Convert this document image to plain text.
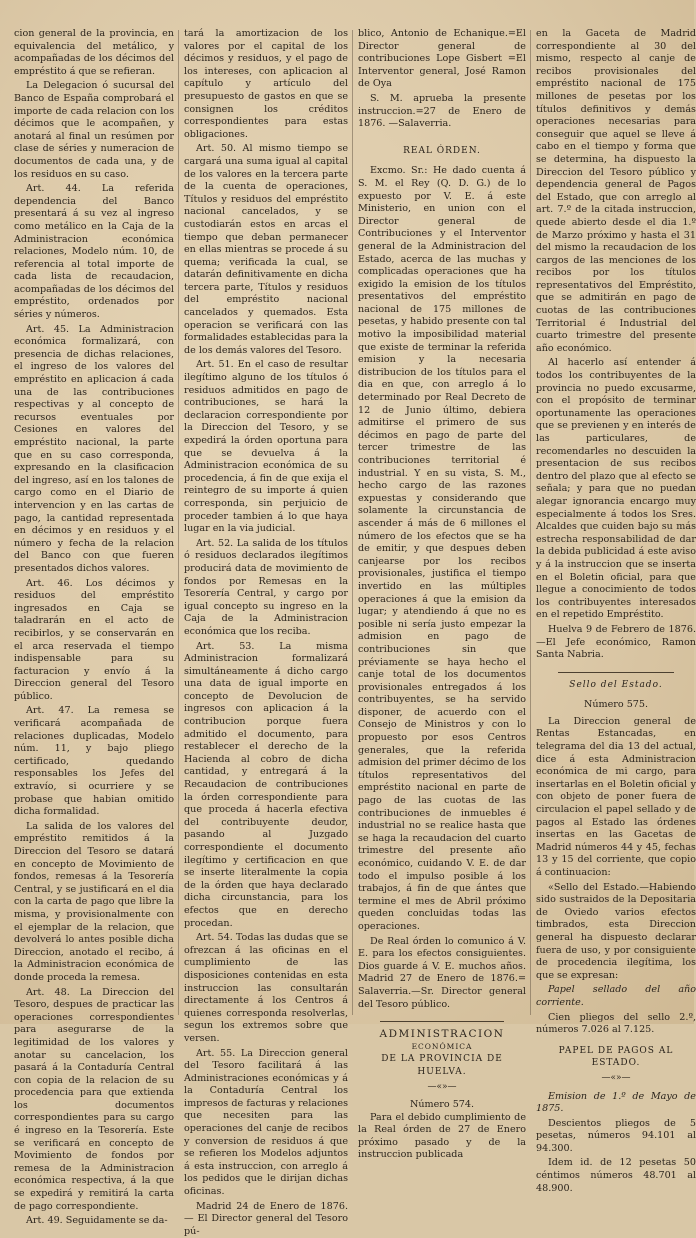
cion general de la provincia, en equivalencia del metálico, y acompañadas de los décimos del empréstito á que se refieran.

La Delegacion ó sucursal del Banco de España comprobará el importe de cada relacion con los décimos que le acompañen, y anotará al final un resúmen por clase de séries y numeracion de documentos de cada una, y de los residuos en su caso.

Art. 44. La referida dependencia del Banco presentará á su vez al ingreso como metálico en la Caja de la Administracion económica relaciones, Modelo núm. 10, de referencia al total importe de cada lista de recaudacion, acompañadas de los décimos del empréstito, ordenados por séries y números.

Art. 45. La Administracion económica formalizará, con presencia de dichas relaciones, el ingreso de los valores del empréstito en aplicacion á cada una de las contribuciones respectivas y al concepto de recursos eventuales por Cesiones en valores del empréstito nacional, la parte que en su caso corresponda, expresando en la clasificacion del ingreso, así en los talones de cargo como en el Diario de intervencion y en las cartas de pago, la cantidad representada en décimos y en residuos y el número y fecha de la relacion del Banco con que fueren presentados dichos valores.

Art. 46. Los décimos y residuos del empréstito ingresados en Caja se taladrarán en el acto de recibirlos, y se conservarán en el arca reservada el tiempo indispensable para su facturacion y envío á la Direccion general del Tesoro público.

Art. 47. La remesa se verificará acompañada de relaciones duplicadas, Modelo núm. 11, y bajo pliego certificado, quedando responsables los Jefes del extravío, si ocurriere y se probase que habian omitido dicha formalidad.

La salida de los valores del empréstito remitidos á la Direccion del Tesoro se datará en concepto de Movimiento de fondos, remesas á la Tesorería Central, y se justificará en el dia con la carta de pago que libre la misma, y provisionalmente con el ejemplar de la relacion, que devolverá lo antes posible dicha Direccion, anotado el recibo, á la Administracion económica de donde proceda la remesa.

Art. 48. La Direccion del Tesoro, despues de practicar las operaciones correspondientes para asegurarse de la legitimidad de los valores y anotar su cancelacion, los pasará á la Contaduría Central con copia de la relacion de su procedencia para que extienda los documentos correspondientes para su cargo é ingreso en la Tesorería. Este se verificará en concepto de Movimiento de fondos por remesa de la Administracion económica respectiva, á la que se expedirá y remitirá la carta de pago correspondiente.

Art. 49. Seguidamente se da-

tará la amortizacion de los valores por el capital de los décimos y residuos, y el pago de los intereses, con aplicacion al capítulo y artículo del presupuesto de gastos en que se consignen los créditos correspondientes para estas obligaciones.

Art. 50. Al mismo tiempo se cargará una suma igual al capital de los valores en la tercera parte de la cuenta de operaciones, Títulos y residuos del empréstito nacional cancelados, y se custodiarán estos en arcas el tiempo que deban permanecer en ellas mientras se procede á su quema; verificada la cual, se datarán definitivamente en dicha tercera parte, Títulos y residuos del empréstito nacional cancelados y quemados. Esta operacion se verificará con las formalidades establecidas para la de los demás valores del Tesoro.

Art. 51. En el caso de resultar ilegítimo alguno de los títulos ó residuos admitidos en pago de contribuciones, se hará la declaracion correspondiente por la Direccion del Tesoro, y se expedirá la órden oportuna para que se devuelva á la Administracion económica de su procedencia, á fin de que exija el reintegro de su importe á quien corresponda, sin perjuicio de proceder tambien á lo que haya lugar en la via judicial.

Art. 52. La salida de los títulos ó residuos declarados ilegítimos producirá data de movimiento de fondos por Remesas en la Tesorería Central, y cargo por igual concepto su ingreso en la Caja de la Administracion económica que los reciba.

Art. 53. La misma Administracion formalizará simultáneamente á dicho cargo una data de igual importe en concepto de Devolucion de ingresos con aplicacion á la contribucion porque fuera admitido el documento, para restablecer el derecho de la Hacienda al cobro de dicha cantidad, y entregará á la Recaudacion de contribuciones la órden correspondiente para que proceda á hacerla efectiva del contribuyente deudor, pasando al Juzgado correspondiente el documento ilegítimo y certificacion en que se inserte literalmente la copia de la órden que haya declarado dicha circunstancia, para los efectos que en derecho procedan.

Art. 54. Todas las dudas que se ofrezcan á las oficinas en el cumplimiento de las disposiciones contenidas en esta instruccion las consultarán directamente á los Centros á quienes corresponda resolverlas, segun los extremos sobre que versen.

Art. 55. La Direccion general del Tesoro facilitará á las Administraciones económicas y á la Contaduría Central los impresos de facturas y relaciones que necesiten para las operaciones del canje de recibos y conversion de residuos á que se refieren los Modelos adjuntos á esta instruccion, con arreglo á los pedidos que le dirijan dichas oficinas.

Madrid 24 de Enero de 1876.— El Director general del Tesoro pú-

blico, Antonio de Echanique.=El Director general de contribuciones Lope Gisbert =El Interventor general, José Ramon de Oya

S. M. aprueba la presente instruccion.=27 de Enero de 1876. —Salaverria.

REAL ÓRDEN.

Excmo. Sr.: He dado cuenta á S. M. el Rey (Q. D. G.) de lo expuesto por V. E. á este Ministerio, en union con el Director general de Contribuciones y el Interventor general de la Administracion del Estado, acerca de las muchas y complicadas operaciones que ha exigido la emision de los títulos presentativos del empréstito nacional de 175 millones de pesetas, y habido presente con tal motivo la imposibilidad material que existe de terminar la referida emision y la necesaria distribucion de los títulos para el dia en que, con arreglo á lo determinado por Real Decreto de 12 de Junio último, debiera admitirse el primero de sus décimos en pago de parte del tercer trimestre de las contribuciones territorial é industrial. Y en su vista, S. M., hecho cargo de las razones expuestas y considerando que solamente la circunstancia de ascender á más de 6 millones el número de los efectos que se ha de emitir, y que despues deben canjearse por los recibos provisionales, justifica el tiempo invertido en las múltiples operaciones á que la emision da lugar; y atendiendo á que no es posible ni sería justo empezar la admision en pago de contribuciones sin que préviamente se haya hecho el canje total de los documentos provisionales entregados á los contribuyentes, se ha servido disponer, de acuerdo con el Consejo de Ministros y con lo propuesto por esos Centros generales, que la referida admision del primer décimo de los títulos representativos del empréstito nacional en parte de pago de las cuotas de las contribuciones de inmuebles é industrial no se realice hasta que se haga la recaudacion del cuarto trimestre del presente año económico, cuidando V. E. de dar todo el impulso posible á los trabajos, á fin de que ántes que termine el mes de Abril próximo queden concluidas todas las operaciones.

De Real órden lo comunico á V. E. para los efectos consiguientes. Dios guarde á V. E. muchos años. Madrid 27 de Enero de 1876.= Salaverria.—Sr. Director general del Tesoro público.

ADMINISTRACION
ECONÓMICA
DE LA PROVINCIA DE HUELVA.
—«»—
Número 574.

Para el debido cumplimiento de la Real órden de 27 de Enero próximo pasado y de la instruccion publicada

en la Gaceta de Madrid correspondiente al 30 del mismo, respecto al canje de recibos provisionales del empréstito nacional de 175 millones de pesetas por los títulos definitivos y demás operaciones necesarias para conseguir que aquel se lleve á cabo en el tiempo y forma que se determina, ha dispuesto la Direccion del Tesoro público y dependencia general de Pagos del Estado, que con arreglo al art. 7.º de la citada instruccion, quede abierto desde el dia 1.º de Marzo próximo y hasta el 31 del mismo la recaudacion de los cargos de las menciones de los recibos por los títulos representativos del Empréstito, que se admitirán en pago de cuotas de las contribuciones Territorial é Industrial del cuarto trimestre del presente año económico.

Al hacerlo así entender á todos los contribuyentes de la provincia no puedo excusarme, con el propósito de terminar oportunamente las operaciones que se previenen y en interés de las particulares, de recomendarles no descuiden la presentacion de sus recibos dentro del plazo que al efecto se señala; y para que no puedan alegar ignorancia encargo muy especialmente á todos los Sres. Alcaldes que cuiden bajo su más estrecha responsabilidad de dar la debida publicidad á este aviso y á la instruccion que se inserta en el Boletin oficial, para que llegue a conocimiento de todos los contribuyentes interesados en el repetido Empréstito.

Huelva 9 de Febrero de 1876. —El Jefe económico, Ramon Santa Nabria.

Sello del Estado.
Número 575.

La Direccion general de Rentas Estancadas, en telegrama del dia 13 del actual, dice á esta Administracion económica de mi cargo, para insertarlas en el Boletin oficial y con objeto de poner fuera de circulacion el papel sellado y de pagos al Estado las órdenes insertas en las Gacetas de Madrid números 44 y 45, fechas 13 y 15 del corriente, que copio á continuacion:

«Sello del Estado.—Habiendo sido sustraidos de la Depositaria de Oviedo varios efectos timbrados, esta Direccion general ha dispuesto declarar fuera de uso, y por consiguiente de procedencia ilegítima, los que se expresan:

Papel sellado del año corriente.

Cien pliegos del sello 2.º, números 7.026 al 7.125.

PAPEL DE PAGOS AL ESTADO.
—«»—

Emision de 1.º de Mayo de 1875.

Descientos pliegos de 5 pesetas, números 94.101 al 94.300.

Idem id. de 12 pesetas 50 céntimos números 48.701 al 48.900.
